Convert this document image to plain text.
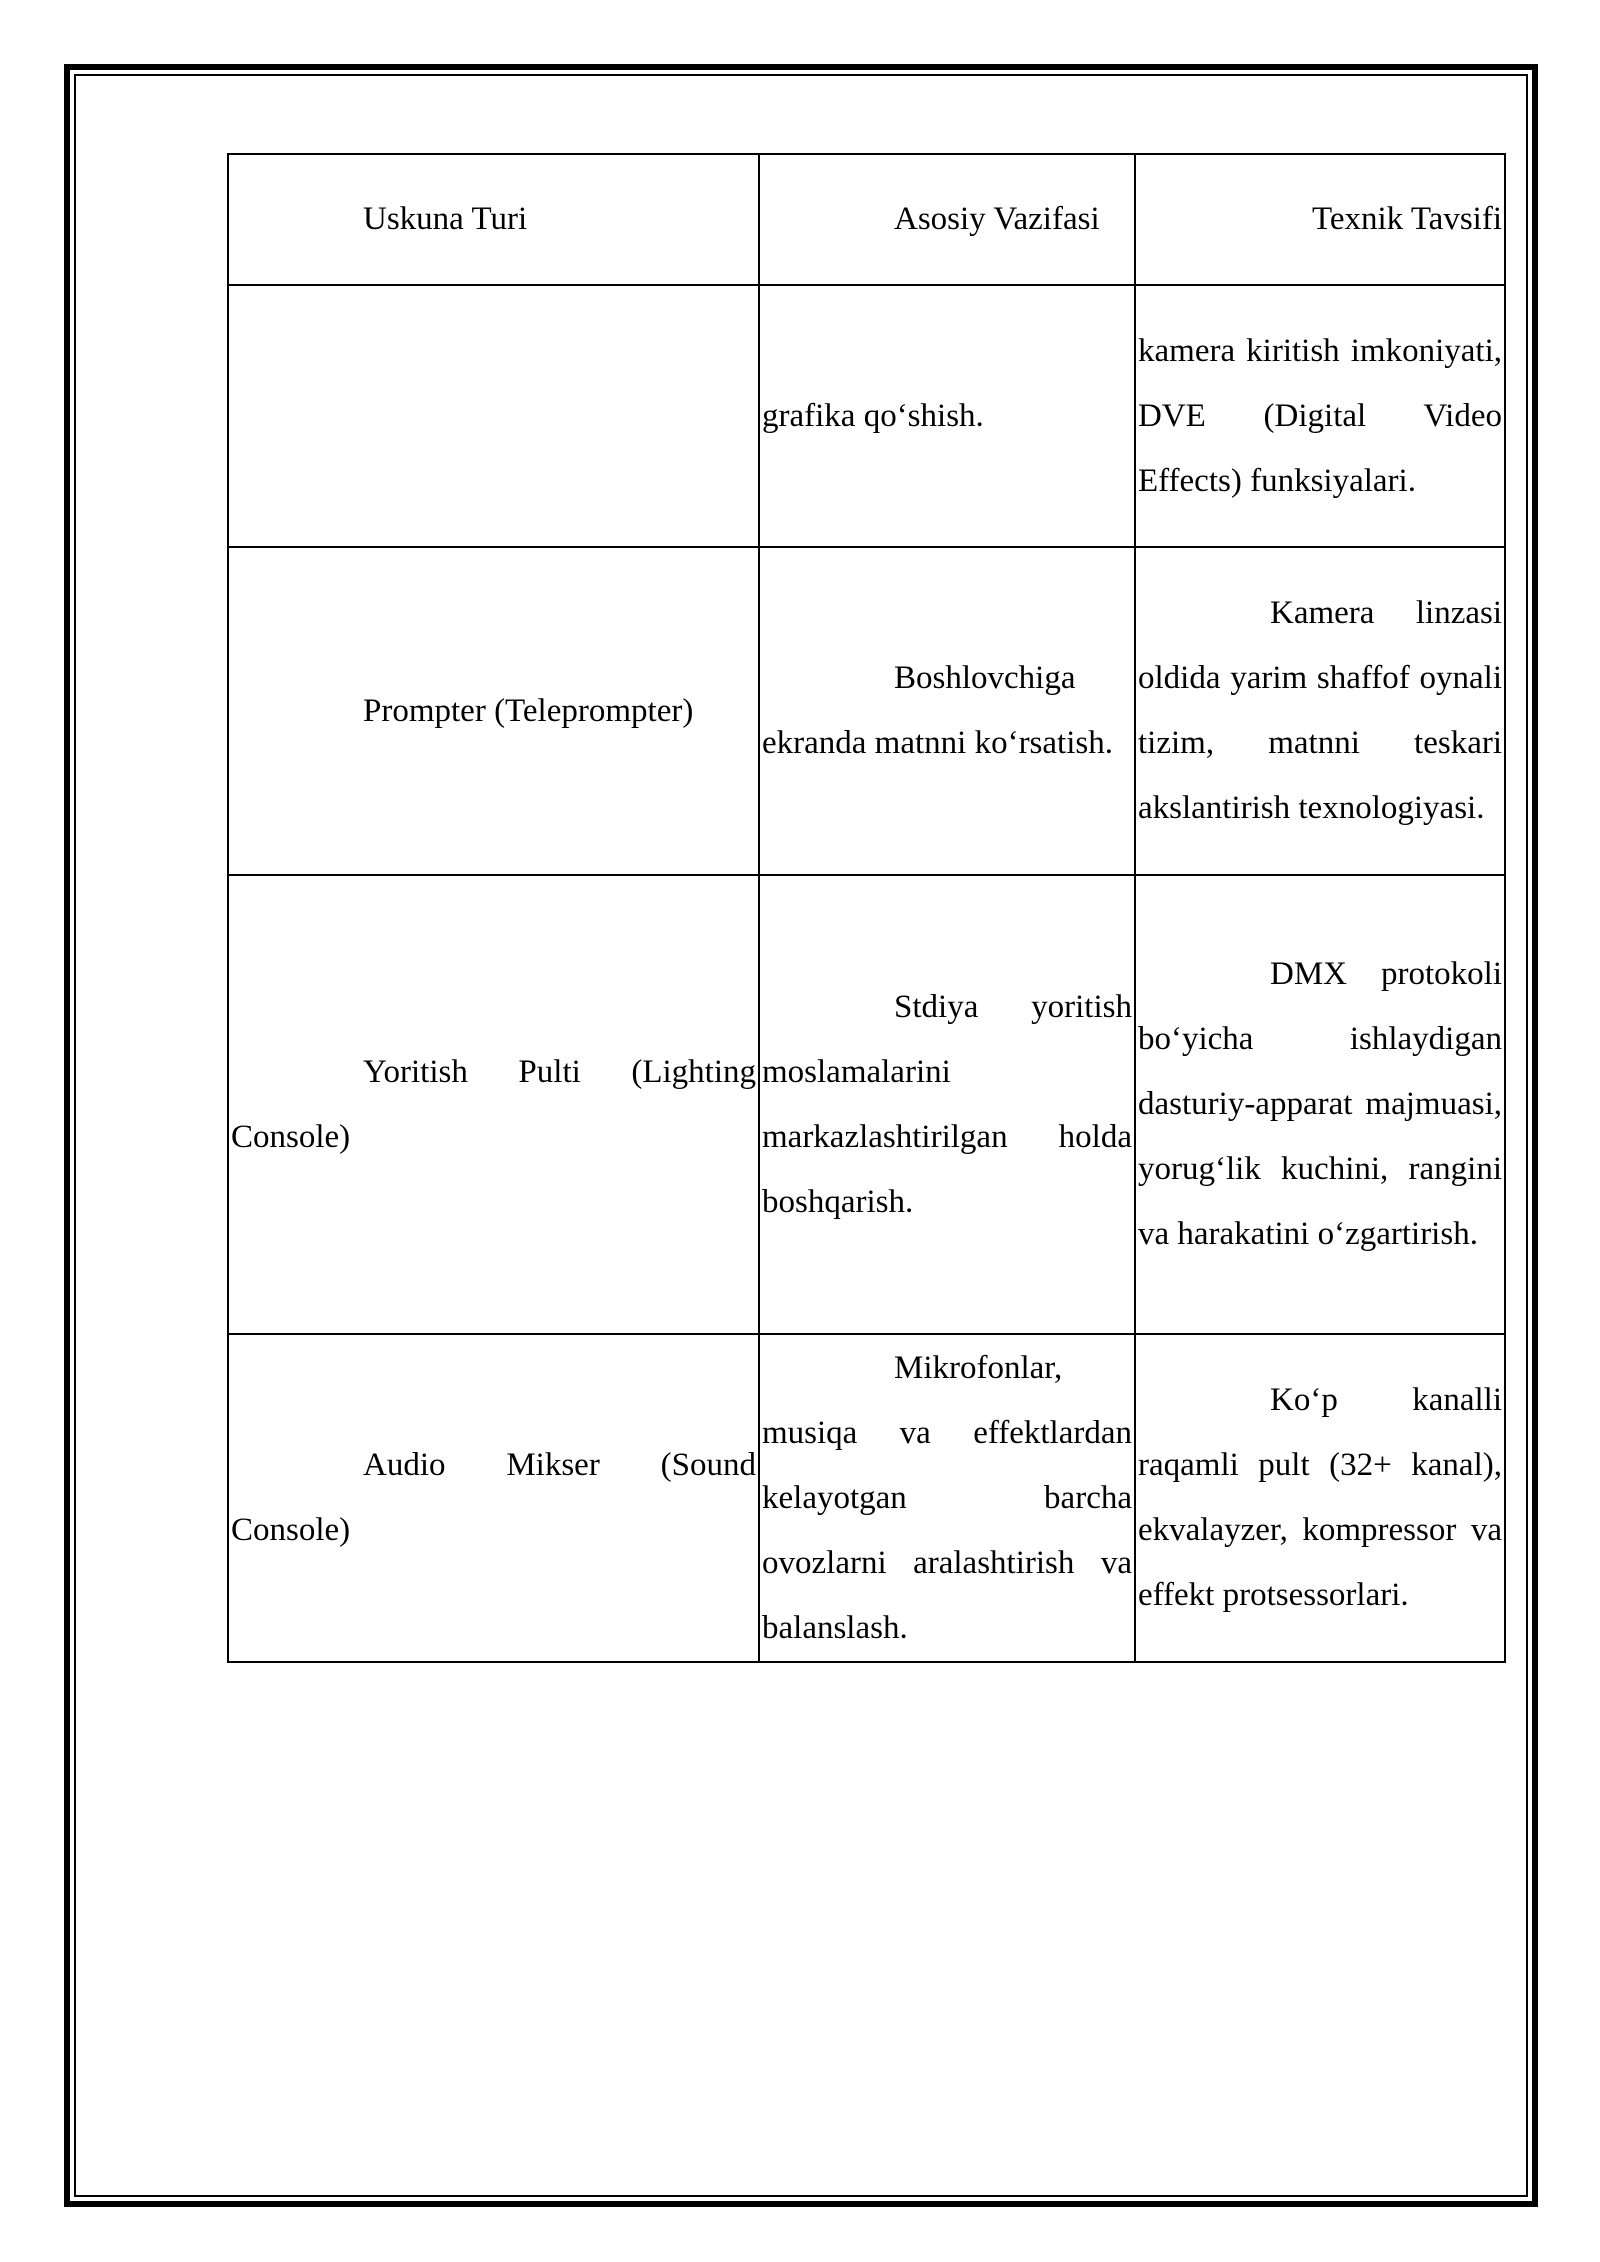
Uskuna Turi	Asosiy Vazifasi	Texnik Tavsifi
	grafika qo‘shish.	kamera kiritish imkoniyati, DVE (Digital Video Effects) funksiyalari.
Prompter (Teleprompter)	Boshlovchiga ekranda matnni ko‘rsatish.	Kamera linzasi oldida yarim shaffof oynali tizim, matnni teskari akslantirish texnologiyasi.
Yoritish Pulti (Lighting Console)	Stdiya yoritish moslamalarini markazlashtirilgan holda boshqarish.	DMX protokoli bo‘yicha ishlaydigan dasturiy-apparat majmuasi, yorug‘lik kuchini, rangini va harakatini o‘zgartirish.
Audio Mikser (Sound Console)	Mikrofonlar, musiqa va effektlardan kelayotgan barcha ovozlarni aralashtirish va balanslash.	Ko‘p kanalli raqamli pult (32+ kanal), ekvalayzer, kompressor va effekt protsessorlari.
